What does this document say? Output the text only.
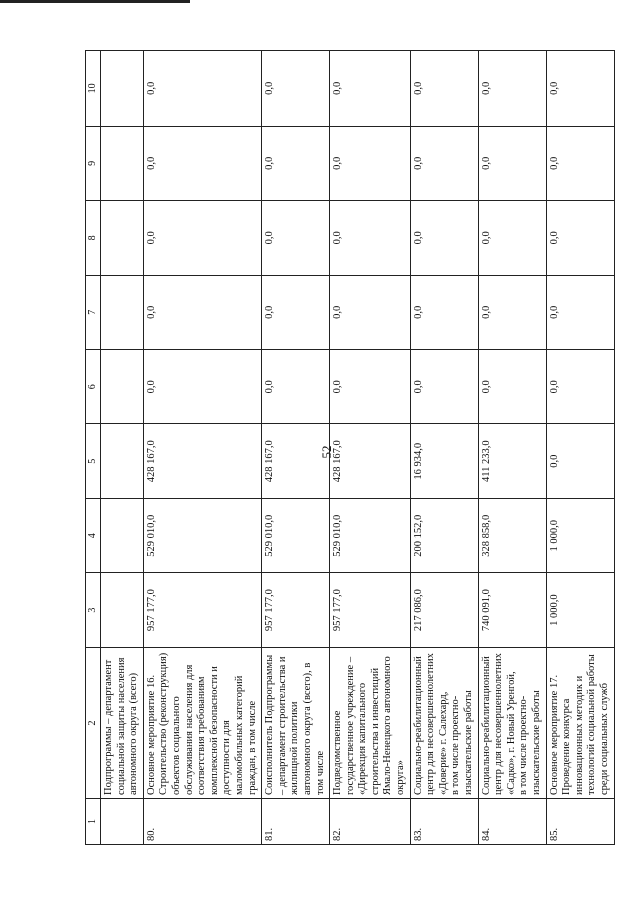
52
1	2	3	4	5	6	7	8	9	10
	Подпрограммы – департамент социальной защиты населения автономного округа (всего)								
80.	Основное мероприятие 16. Строительство (реконструкция) объектов социального обслуживания населения для соответствия требованиям комплексной безопасности и доступности для маломобильных категорий граждан, в том числе	957 177,0	529 010,0	428 167,0	0,0	0,0	0,0	0,0	0,0
81.	Соисполнитель Подпрограммы – департамент строительства и жилищной политики автономного округа (всего), в том числе	957 177,0	529 010,0	428 167,0	0,0	0,0	0,0	0,0	0,0
82.	Подведомственное государственное учреждение – «Дирекция капитального строительства и инвестиций Ямало-Ненецкого автономного округа»	957 177,0	529 010,0	428 167,0	0,0	0,0	0,0	0,0	0,0
83.	Социально-реабилитационный центр для несовершеннолетних «Доверие» г. Салехард,
в том числе проектно-изыскательские работы	217 086,0	200 152,0	16 934,0	0,0	0,0	0,0	0,0	0,0
84.	Социально-реабилитационный центр для несовершеннолетних «Садко», г. Новый Уренгой,
в том числе проектно-изыскательские работы	740 091,0	328 858,0	411 233,0	0,0	0,0	0,0	0,0	0,0
85.	Основное мероприятие 17. Проведение конкурса инновационных методик и технологий социальной работы среди социальных служб	1 000,0	1 000,0	0,0	0,0	0,0	0,0	0,0	0,0
